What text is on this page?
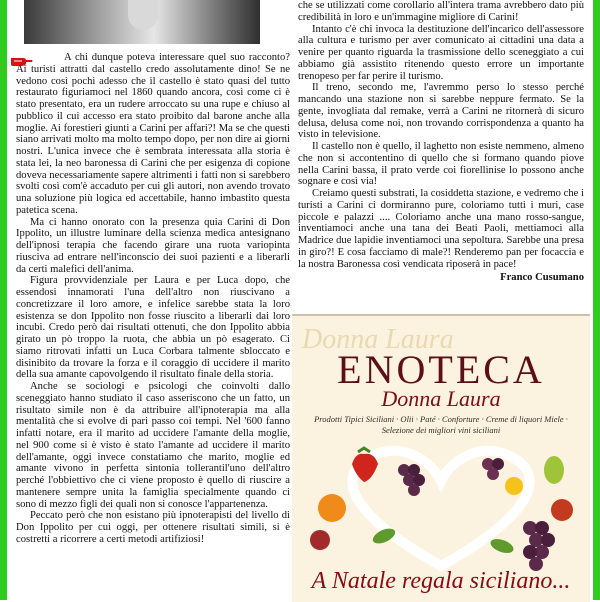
A chi dunque poteva interessare quel suo racconto? Ai turisti attratti dal castello credo assolutamente dino! Se ne vedono così pochi adesso che il castello è stato quasi del tutto restaurato figuriamoci nel 1860 quando ancora, così come ci è stato presentato, era un rudere arroccato su una rupe e chiuso al pubblico il cui accesso era stato proibito dal barone anche alla moglie. Ai forestieri giunti a Carini per affari?! Ma se che questi siano arrivati molto ma molto tempo dopo, per non dire ai giorni nostri. L'unica invece che è sembrata interessata alla storia è stata lei, la neo baronessa di Carini che per esigenza di copione doveva necessariamente sapere altrimenti i fatti non si sarebbero svolti così com'è accaduto per cui gli autori, non avendo trovato una soluzione più logica ed accettabile, hanno imbastito questa patetica scena.

Ma ci hanno onorato con la presenza quia Carini di Don Ippolito, un illustre luminare della scienza medica antesignano dell'ipnosi terapia che facendo girare una ruota variopinta riusciva ad entrare nell'inconscio dei suoi pazienti e a liberarli da certi malefici dell'anima.

Figura provvidenziale per Laura e per Luca dopo, che essendosi innamorati l'una dell'altro non riuscivano a concretizzare il loro amore, e infelice sarebbe stata la loro esistenza se don Ippolito non fosse riuscito a liberarli dai loro incubi. Credo però dai risultati ottenuti, che don Ippolito abbia girato un pò troppo la ruota, che abbia un pò esagerato. Ci siamo ritrovati infatti un Luca Corbara talmente sbloccato e disinibito da trovare la forza e il coraggio di uccidere il marito della sua amante capovolgendo il risultato finale della storia.

Anche se sociologi e psicologi che coinvolti dallo sceneggiato hanno studiato il caso asseriscono che un fatto, un risultato simile non è da attribuire all'ipnoterapia ma alla mentalità che si evolve di pari passo coi tempi. Nel '600 fanno infatti notare, era il marito ad uccidere l'amante della moglie, nel 900 come si è visto è stato l'amante ad uccidere il marito dell'amante, oggi invece constatiamo che marito, moglie ed amante vivono in perfetta sintonia tollerantil'uno dell'altro perché l'obbiettivo che ci viene proposto è quello di riuscire a mantenere sempre unita la famiglia specialmente quando ci sono di mezzo figli dei quali non si conosce l'appartenenza.

Peccato però che non esistano più ipnoterapisti del livello di Don Ippolito per cui oggi, per ottenere risultati simili, si è costretti a ricorrere a certi metodi artifiziosi!

che se utilizzati come corollario all'intera trama avrebbero dato più credibilità in loro e un'immagine migliore di Carini!

Intanto c'è chi invoca la destituzione dell'incarico dell'assessore alla cultura e turismo per aver comunicato ai cittadini una data a venire per quanto riguarda la trasmissione dello sceneggiato a cui abbiamo già assistito ritenendo questo errore un importante trenopeso per far perire il turismo.

Il treno, secondo me, l'avremmo perso lo stesso perché mancando una stazione non si sarebbe neppure fermato. Se la gente, invogliata dal remake, verrà a Carini ne ritornerà di sicuro delusa, delusa come noi, non trovando corrispondenza a quanto ha visto in televisione.

Il castello non è quello, il laghetto non esiste nemmeno, almeno che non si accontentino di quello che si formano quando piove nella Carini bassa, il prato verde coi fiorellinise lo possono anche sognare e così via!

Creiamo questi substrati, la cosiddetta stazione, e vedremo che i turisti a Carini ci dormiranno pure, coloriamo tutti i muri, case piccole e palazzi .... Coloriamo anche una mano rosso-sangue, inventiamoci anche una tana dei Beati Paoli, mettiamoci alla Madrice due lapidie inventiamoci una sepoltura. Sarebbe una presa in giro?! E cosa facciamo di male?! Renderemo pan per focaccia e la nostra Baronessa così vendicata riposerà in pace!

Franco Cusumano
Donna Laura
ENOTECA
Donna Laura
Prodotti Tipici Siciliani · Olii · Paté · Conforture · Creme di liquori Miele · Selezione dei migliori vini siciliani
A Natale regala siciliano...
